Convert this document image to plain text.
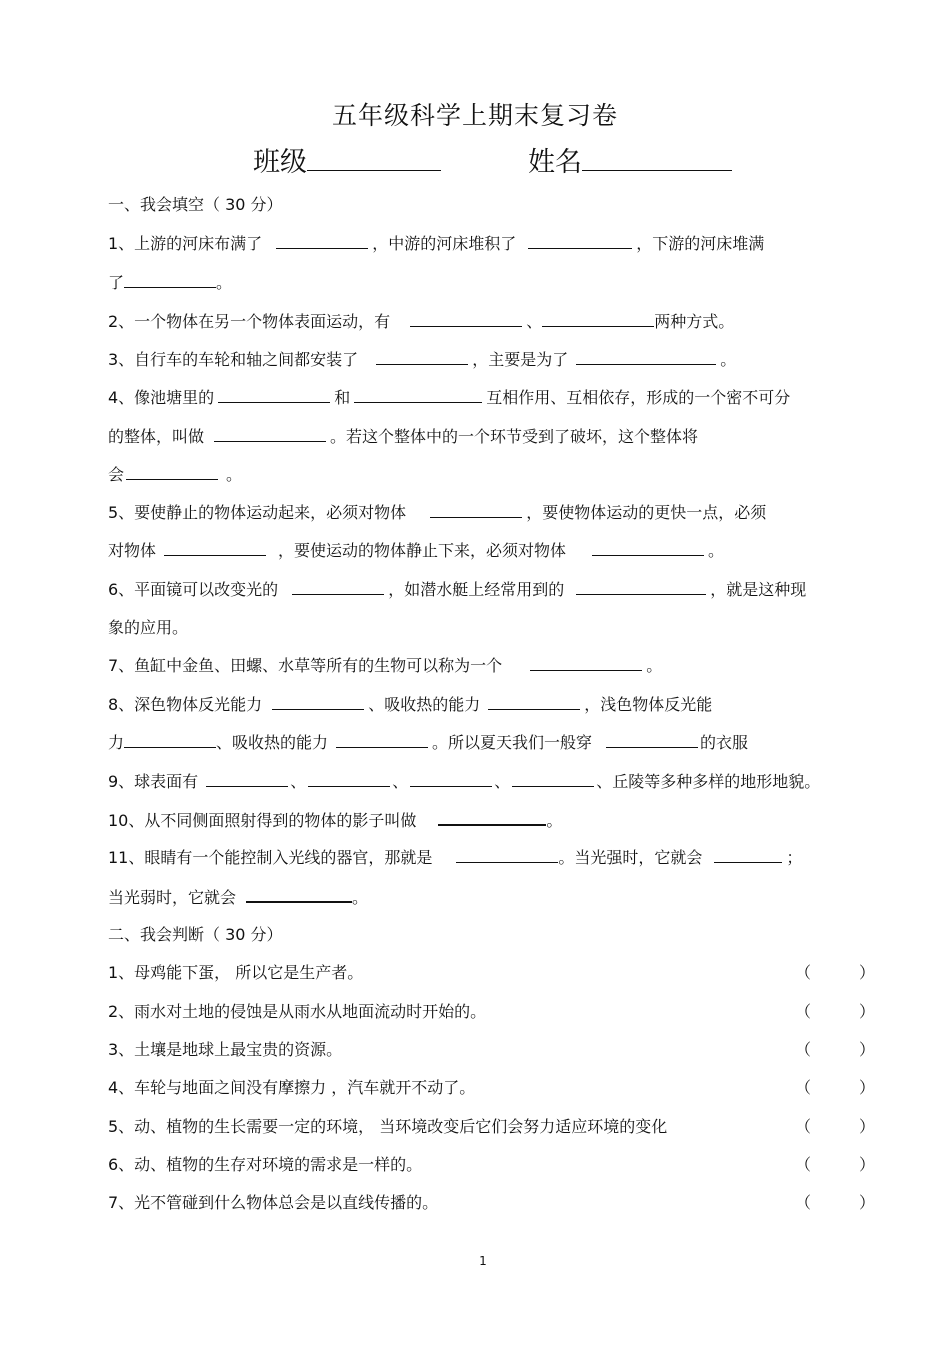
五年级科学上期末复习卷
班级	姓名
一、我会填空（ 30 分）
1、上游的河床布满了	，中游的河床堆积了	，下游的河床堆满
了	。
2、一个物体在另一个物体表面运动，有	、	两种方式。
3、自行车的车轮和轴之间都安装了	，主要是为了	。
4、像池塘里的	和	互相作用、互相依存，形成的一个密不可分
的整体，叫做	。若这个整体中的一个环节受到了破坏，这个整体将
会	。
5、要使静止的物体运动起来，必须对物体	，要使物体运动的更快一点，必须
对物体	，要使运动的物体静止下来，必须对物体	。
6、平面镜可以改变光的	，如潜水艇上经常用到的	，就是这种现
象的应用。
7、鱼缸中金鱼、田螺、水草等所有的生物可以称为一个	。
8、深色物体反光能力	、吸收热的能力	，浅色物体反光能
力	、吸收热的能力	。所以夏天我们一般穿	的衣服
9、球表面有	、	、	、	、丘陵等多种多样的地形地貌。
10、从不同侧面照射得到的物体的影子叫做	。
11、眼睛有一个能控制入光线的器官，那就是	。当光强时，它就会	；
当光弱时，它就会	。
二、我会判断（ 30 分）
1、母鸡能下蛋， 所以它是生产者。	（	）
2、雨水对土地的侵蚀是从雨水从地面流动时开始的。	（	）
3、土壤是地球上最宝贵的资源。	（	）
4、车轮与地面之间没有摩擦力 ，汽车就开不动了。	（	）
5、动、植物的生长需要一定的环境， 当环境改变后它们会努力适应环境的变化	（	）
6、动、植物的生存对环境的需求是一样的。	（	）
7、光不管碰到什么物体总会是以直线传播的。	（	）
1
